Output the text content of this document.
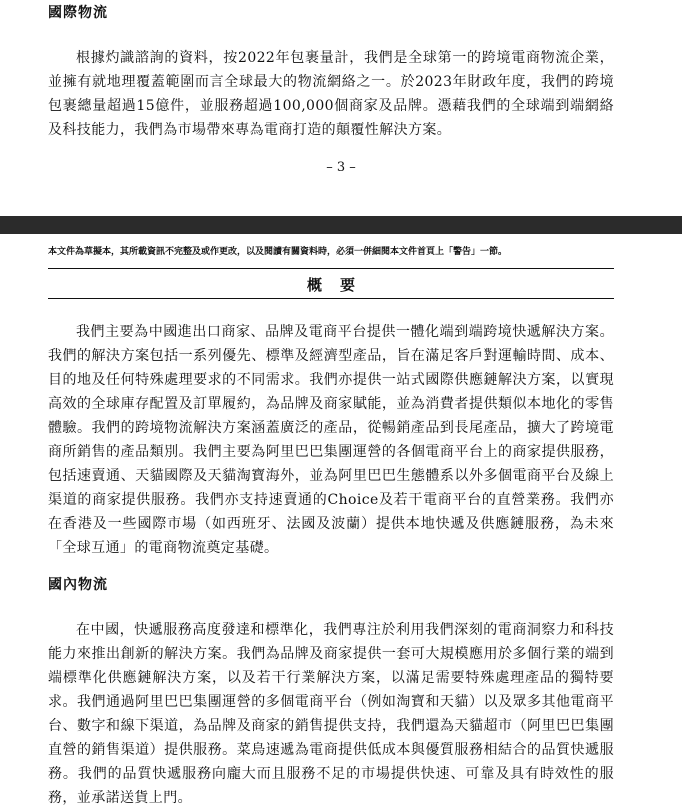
國際物流

根據灼識諮詢的資料，按2022年包裹量計，我們是全球第一的跨境電商物流企業，並擁有就地理覆蓋範圍而言全球最大的物流網絡之一。於2023年財政年度，我們的跨境包裹總量超過15億件，並服務超過100,000個商家及品牌。憑藉我們的全球端到端網絡及科技能力，我們為市場帶來專為電商打造的顛覆性解決方案。

– 3 –

本文件為草擬本，其所載資訊不完整及或作更改，以及閱讀有關資料時，必須一併細閱本文件首頁上「警告」一節。

概要

我們主要為中國進出口商家、品牌及電商平台提供一體化端到端跨境快遞解決方案。我們的解決方案包括一系列優先、標準及經濟型產品，旨在滿足客戶對運輸時間、成本、目的地及任何特殊處理要求的不同需求。我們亦提供一站式國際供應鏈解決方案，以實現高效的全球庫存配置及訂單履約，為品牌及商家賦能，並為消費者提供類似本地化的零售體驗。我們的跨境物流解決方案涵蓋廣泛的產品，從暢銷產品到長尾產品，擴大了跨境電商所銷售的產品類別。我們主要為阿里巴巴集團運營的各個電商平台上的商家提供服務，包括速賣通、天貓國際及天貓淘寶海外，並為阿里巴巴生態體系以外多個電商平台及線上渠道的商家提供服務。我們亦支持速賣通的Choice及若干電商平台的直營業務。我們亦在香港及一些國際市場（如西班牙、法國及波蘭）提供本地快遞及供應鏈服務，為未來「全球互通」的電商物流奠定基礎。

國內物流

在中國，快遞服務高度發達和標準化，我們專注於利用我們深刻的電商洞察力和科技能力來推出創新的解決方案。我們為品牌及商家提供一套可大規模應用於多個行業的端到端標準化供應鏈解決方案，以及若干行業解決方案，以滿足需要特殊處理產品的獨特要求。我們通過阿里巴巴集團運營的多個電商平台（例如淘寶和天貓）以及眾多其他電商平台、數字和線下渠道，為品牌及商家的銷售提供支持，我們還為天貓超市（阿里巴巴集團直營的銷售渠道）提供服務。菜鳥速遞為電商提供低成本與優質服務相結合的品質快遞服務。我們的品質快遞服務向龐大而且服務不足的市場提供快速、可靠及具有時效性的服務，並承諾送貨上門。
